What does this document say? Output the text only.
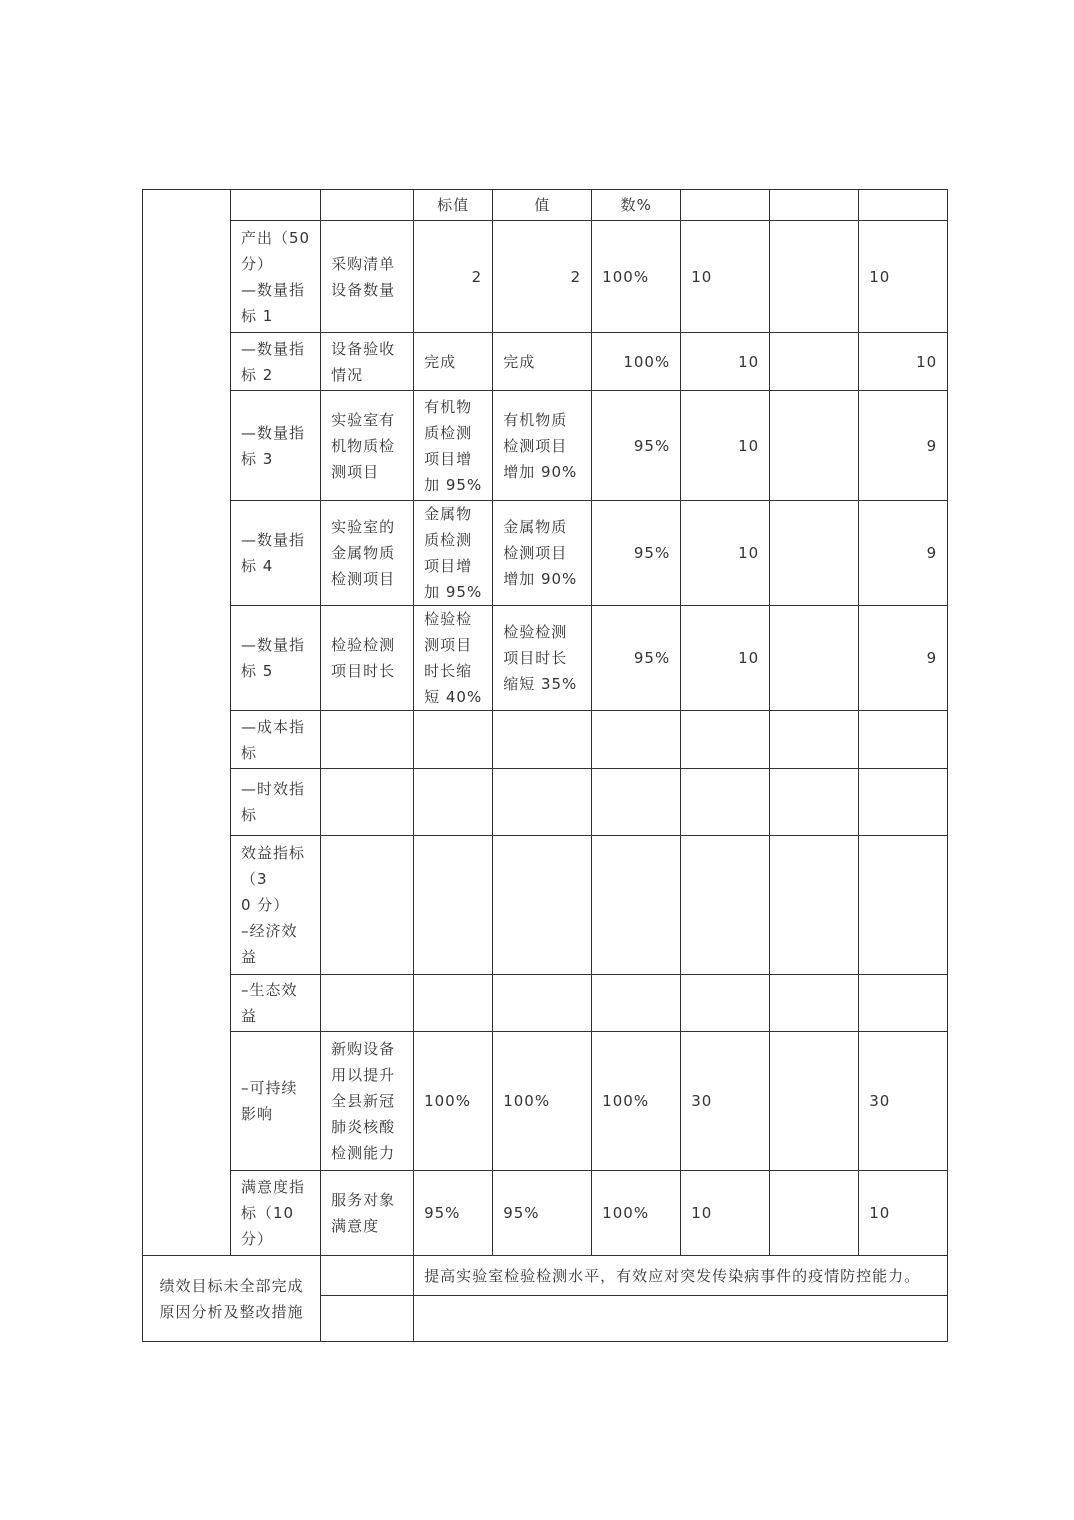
			标值	值	数%			

	产出（50
分）
—数量指
标 1	采购清单
设备数量	2	2	100%	10		10

	—数量指
标 2	设备验收
情况	完成	完成	100%	10		10

	—数量指
标 3	实验室有
机物质检
测项目	有机物
质检测
项目增
加 95%	有机物质
检测项目
增加 90%	95%	10		9

	—数量指
标 4	实验室的
金属物质
检测项目	金属物
质检测
项目增
加 95%	金属物质
检测项目
增加 90%	95%	10		9

	—数量指
标 5	检验检测
项目时长	检验检
测项目
时长缩
短 40%	检验检测
项目时长
缩短 35%	95%	10		9

	—成本指
标							

	—时效指
标							

	效益指标
（3
0 分）
–经济效
益							

	–生态效
益							

	–可持续
影响	新购设备
用以提升
全县新冠
肺炎核酸
检测能力	100%	100%	100%	30		30

	满意度指
标（10
分）	服务对象
满意度	95%	95%	100%	10		10

绩效目标未全部完成
原因分析及整改措施			提高实验室检验检测水平，有效应对突发传染病事件的疫情防控能力。					
